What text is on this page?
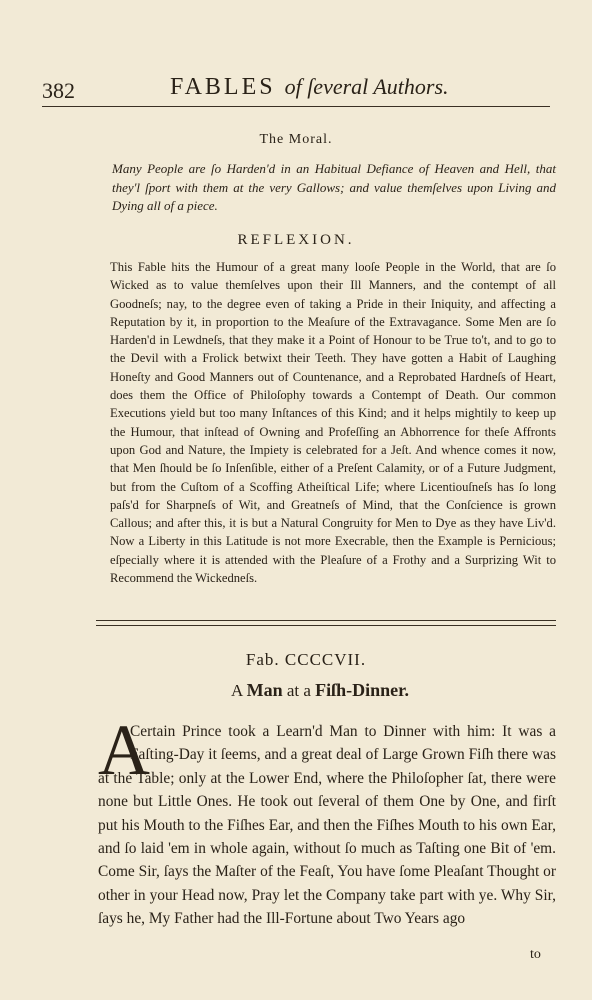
382	FABLES of ſeveral Authors.
The Moral.
Many People are ſo Harden'd in an Habitual Defiance of Heaven and Hell, that they'l ſport with them at the very Gallows; and value themſelves upon Living and Dying all of a piece.
REFLEXION.
This Fable hits the Humour of a great many looſe People in the World, that are ſo Wicked as to value themſelves upon their Ill Manners, and the contempt of all Goodneſs; nay, to the degree even of taking a Pride in their Iniquity, and affecting a Reputation by it, in proportion to the Meaſure of the Extravagance. Some Men are ſo Harden'd in Lewdneſs, that they make it a Point of Honour to be True to't, and to go to the Devil with a Frolick betwixt their Teeth. They have gotten a Habit of Laughing Honeſty and Good Manners out of Countenance, and a Reprobated Hardneſs of Heart, does them the Office of Philoſophy towards a Contempt of Death. Our common Executions yield but too many Inſtances of this Kind; and it helps mightily to keep up the Humour, that inſtead of Owning and Profeſſing an Abhorrence for theſe Affronts upon God and Nature, the Impiety is celebrated for a Jeſt. And whence comes it now, that Men ſhould be ſo Inſenſible, either of a Preſent Calamity, or of a Future Judgment, but from the Cuſtom of a Scoffing Atheiſtical Life; where Licentiouſneſs has ſo long paſs'd for Sharpneſs of Wit, and Greatneſs of Mind, that the Conſcience is grown Callous; and after this, it is but a Natural Congruity for Men to Dye as they have Liv'd. Now a Liberty in this Latitude is not more Execrable, then the Example is Pernicious; eſpecially where it is attended with the Pleaſure of a Frothy and a Surprizing Wit to Recommend the Wickedneſs.
Fab. CCCCVII.
A Man at a Fiſh-Dinner.
A
Certain Prince took a Learn'd Man to Dinner with him: It was a Faſting-Day it ſeems, and a great deal of Large Grown Fiſh there was at the Table; only at the Lower End, where the Philoſopher ſat, there were none but Little Ones. He took out ſeveral of them One by One, and firſt put his Mouth to the Fiſhes Ear, and then the Fiſhes Mouth to his own Ear, and ſo laid 'em in whole again, without ſo much as Taſting one Bit of 'em. Come Sir, ſays the Maſter of the Feaſt, You have ſome Pleaſant Thought or other in your Head now, Pray let the Company take part with ye. Why Sir, ſays he, My Father had the Ill-Fortune about Two Years ago
to
